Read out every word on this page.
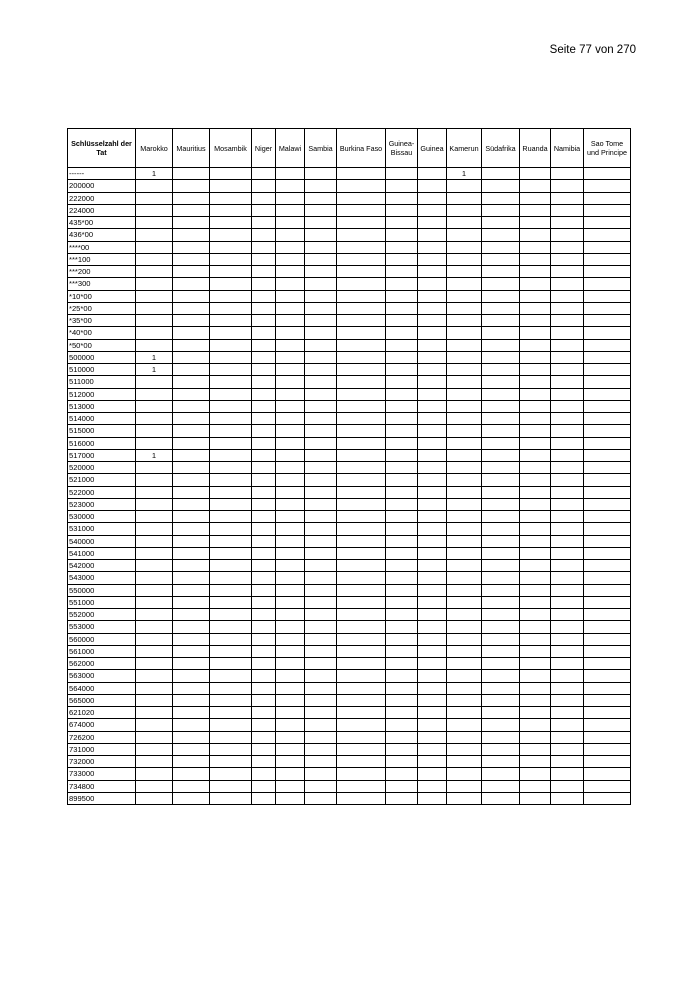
Seite 77 von 270
Schlüsselzahl der Tat	Marokko	Mauritius	Mosambik	Niger	Malawi	Sambia	Burkina Faso	Guinea-Bissau	Guinea	Kamerun	Südafrika	Ruanda	Namibia	Sao Tome und Principe
------	1									1				
200000														
222000														
224000														
435*00														
436*00														
****00														
***100														
***200														
***300														
*10*00														
*25*00														
*35*00														
*40*00														
*50*00														
500000	1													
510000	1													
511000														
512000														
513000														
514000														
515000														
516000														
517000	1													
520000														
521000														
522000														
523000														
530000														
531000														
540000														
541000														
542000														
543000														
550000														
551000														
552000														
553000														
560000														
561000														
562000														
563000														
564000														
565000														
621020														
674000														
726200														
731000														
732000														
733000														
734800														
899500														
